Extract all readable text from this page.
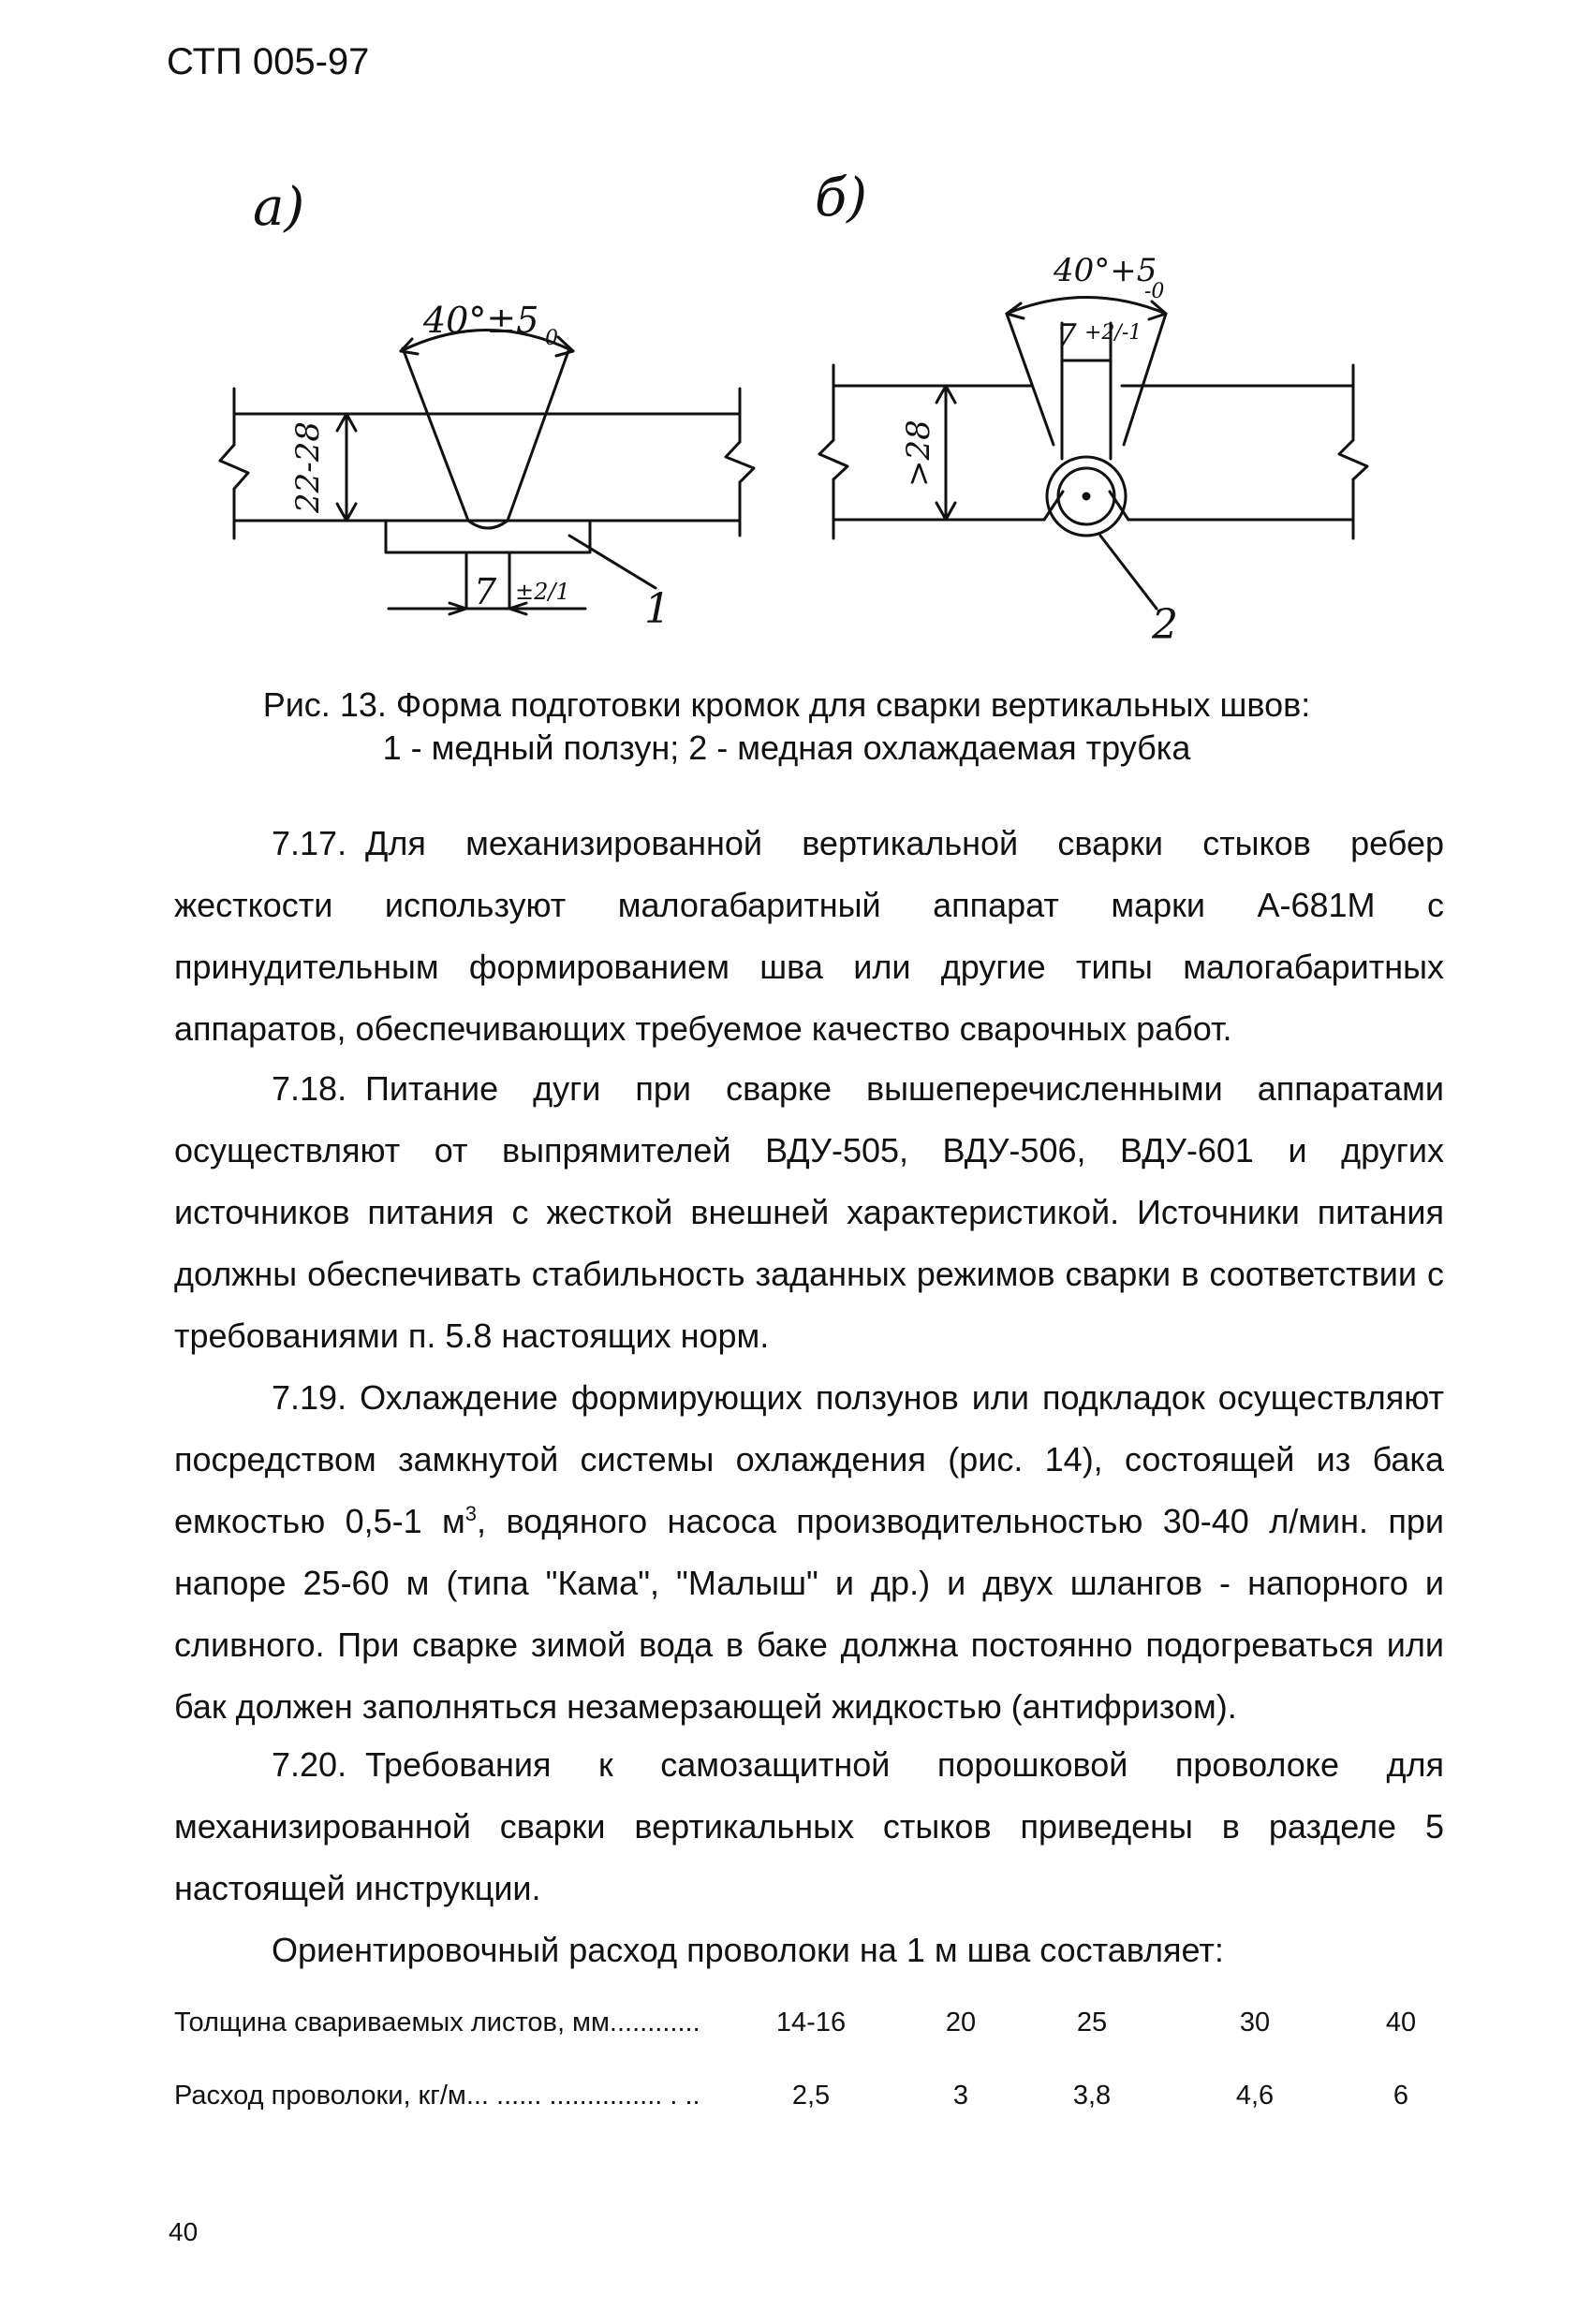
СТП 005-97
а)	б)
40°±5 0
22-28
7 ±2/1 1
40°+5
-0
7 +2/-1
>28
2
Рис. 13. Форма подготовки кромок для сварки вертикальных швов:
1 - медный ползун; 2 - медная охлаждаемая трубка
7.17. Для механизированной вертикальной сварки стыков ребер жесткости используют малогабаритный аппарат марки А-681М с принудительным формированием шва или другие типы малогабаритных аппаратов, обеспечивающих требуемое качество сварочных работ.
7.18. Питание дуги при сварке вышеперечисленными аппаратами осуществляют от выпрямителей ВДУ-505, ВДУ-506, ВДУ-601 и других источников питания с жесткой внешней характеристикой. Источники питания должны обеспечивать стабильность заданных режимов сварки в соответствии с требованиями п. 5.8 настоящих норм.
7.19. Охлаждение формирующих ползунов или подкладок осуществляют посредством замкнутой системы охлаждения (рис. 14), состоящей из бака емкостью 0,5-1 $м^3$, водяного насоса производительностью 30-40 л/мин. при напоре 25-60 м (типа "Кама", "Малыш" и др.) и двух шлангов - напорного и сливного. При сварке зимой вода в баке должна постоянно подогреваться или бак должен заполняться незамерзающей жидкостью (антифризом).
7.20. Требования к самозащитной порошковой проволоке для механизированной сварки вертикальных стыков приведены в разделе 5 настоящей инструкции.
Ориентировочный расход проволоки на 1 м шва составляет:
Толщина свариваемых листов, мм............	14-16	20	25	30	40
Расход проволоки, кг/м... ...... ............... . ..	2,5	3	3,8	4,6	6
40
